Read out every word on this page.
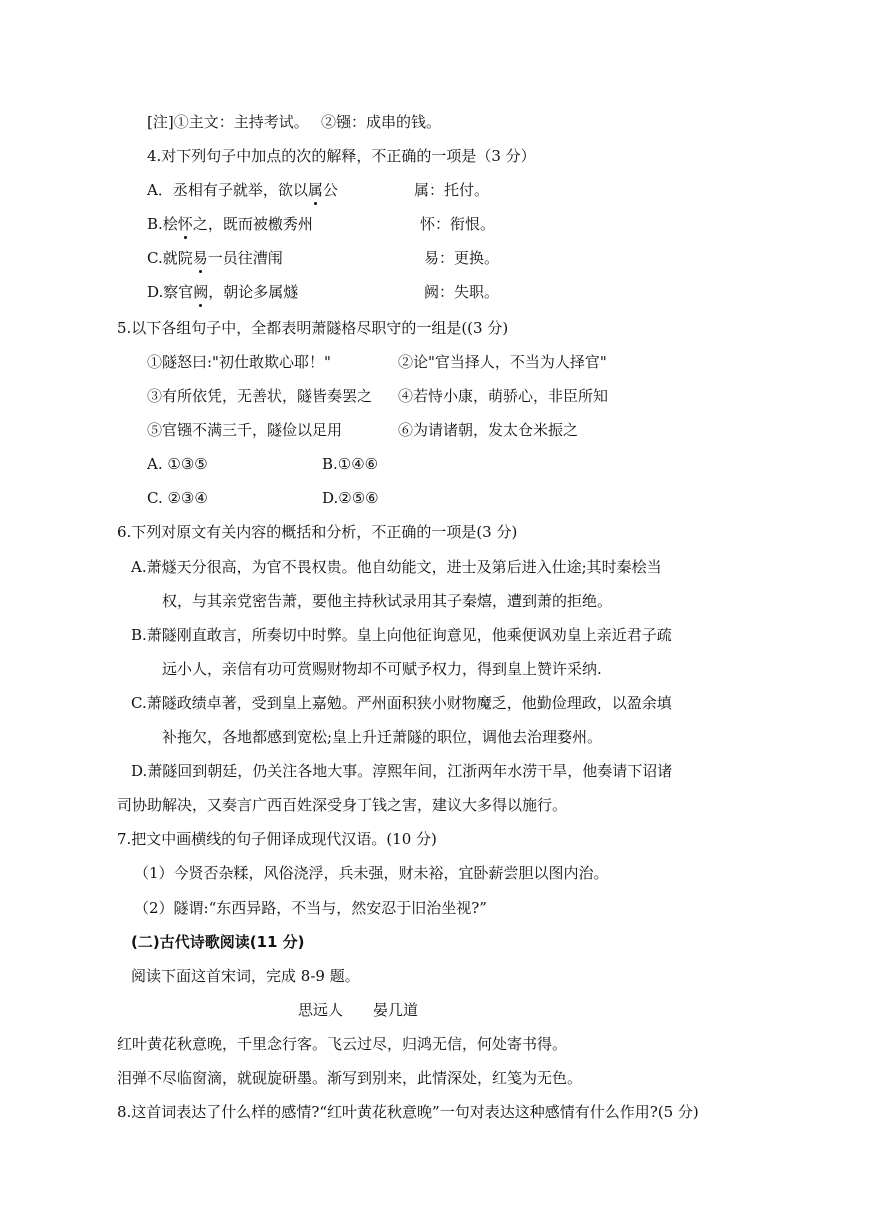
[注]①主文：主持考试。　 ②镪：成串的钱。
4.对下列句子中加点的次的解释，不正确的一项是（3 分）
A．丞相有子就举，欲以属公	属：托付。
B.桧怀之，既而被檄秀州	怀：衔恨。
C.就院易一员往漕闱	易：更换。
D.察官阙，朝论多属燧	阙：失职。
5.以下各组句子中，全都表明萧隧格尽职守的一组是((3 分)
①隧怒曰:"初仕敢欺心耶！"	②论"官当择人，不当为人择官"
③有所依凭，无善状，隧皆奏罢之 ④若恃小康，萌骄心，非臣所知
⑤官镪不满三千，隧俭以足用	⑥为请诸朝，发太仓米振之
A. ①③⑤	B.①④⑥
C. ②③④	D.②⑤⑥
6.下列对原文有关内容的概括和分析，不正确的一项是(3 分)
A.萧燧天分很高，为官不畏权贵。他自幼能文，进士及第后进入仕途;其时秦桧当
权，与其亲党密告萧，要他主持秋试录用其子秦熺，遭到萧的拒绝。
B.萧隧刚直敢言，所奏切中时弊。皇上向他征询意见，他乘便讽劝皇上亲近君子疏
远小人，亲信有功可赏赐财物却不可赋予权力，得到皇上赞许采纳.
C.萧隧政绩卓著，受到皇上嘉勉。严州面积狭小财物魔乏，他勤俭理政，以盈余填
补拖欠，各地都感到宽松;皇上升迁萧隧的职位，调他去治理婺州。
D.萧隧回到朝廷，仍关注各地大事。淳熙年间，江浙两年水涝干旱，他奏请下诏诸
司协助解决，又奏言广西百姓深受身丁钱之害，建议大多得以施行。
7.把文中画横线的句子佣译成现代汉语。(10 分)
（1）今贤否杂糅，风俗浇浮，兵未强，财未裕，宜卧薪尝胆以图内治。
（2）隧谓:“东西异路，不当与，然安忍于旧治坐视?”
(二)古代诗歌阅读(11 分)
阅读下面这首宋词，完成 8-9 题。
思远人　　晏几道
红叶黄花秋意晚，千里念行客。飞云过尽，归鸿无信，何处寄书得。
泪弹不尽临窗滴，就砚旋研墨。渐写到别来，此情深处，红笺为无色。
8.这首词表达了什么样的感情?“红叶黄花秋意晚”一句对表达这种感情有什么作用?(5 分)
